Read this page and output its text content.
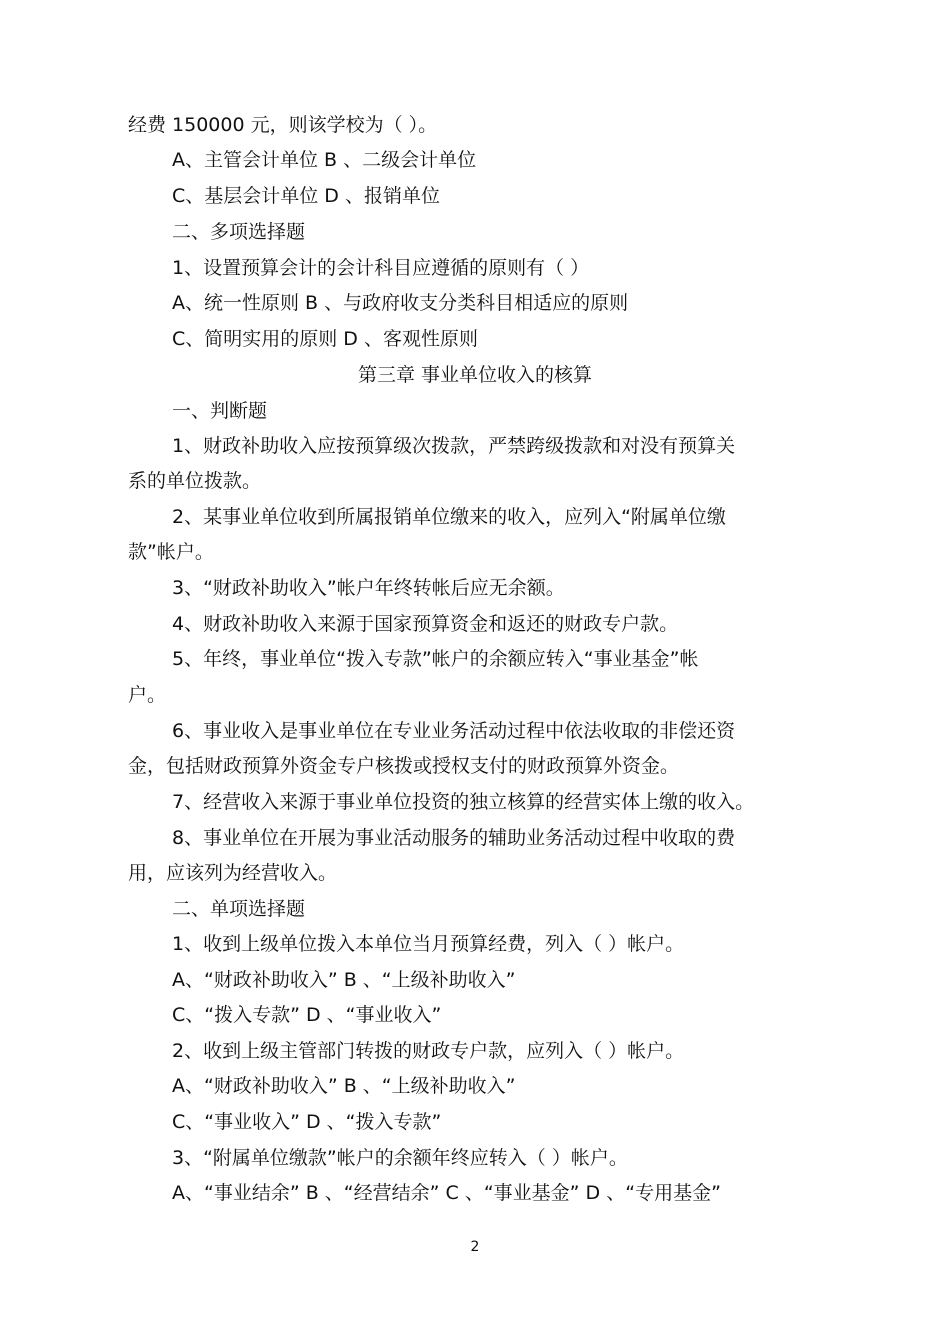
经费 150000 元，则该学校为（ ）。
A、主管会计单位 B 、二级会计单位
C、基层会计单位 D 、报销单位
二、多项选择题
1、设置预算会计的会计科目应遵循的原则有（ ）
A、统一性原则 B 、与政府收支分类科目相适应的原则
C、简明实用的原则 D 、客观性原则
第三章 事业单位收入的核算
一、判断题
1、财政补助收入应按预算级次拨款，严禁跨级拨款和对没有预算关
系的单位拨款。
2、某事业单位收到所属报销单位缴来的收入，应列入“附属单位缴
款”帐户。
3、“财政补助收入”帐户年终转帐后应无余额。
4、财政补助收入来源于国家预算资金和返还的财政专户款。
5、年终，事业单位“拨入专款”帐户的余额应转入“事业基金”帐
户。
6、事业收入是事业单位在专业业务活动过程中依法收取的非偿还资
金，包括财政预算外资金专户核拨或授权支付的财政预算外资金。
7、经营收入来源于事业单位投资的独立核算的经营实体上缴的收入。
8、事业单位在开展为事业活动服务的辅助业务活动过程中收取的费
用，应该列为经营收入。
二、单项选择题
1、收到上级单位拨入本单位当月预算经费，列入（ ）帐户。
A、“财政补助收入” B 、“上级补助收入”
C、“拨入专款” D 、“事业收入”
2、收到上级主管部门转拨的财政专户款，应列入（ ）帐户。
A、“财政补助收入” B 、“上级补助收入”
C、“事业收入” D 、“拨入专款”
3、“附属单位缴款”帐户的余额年终应转入（ ）帐户。
A、“事业结余” B 、“经营结余” C 、“事业基金” D 、“专用基金”
2
